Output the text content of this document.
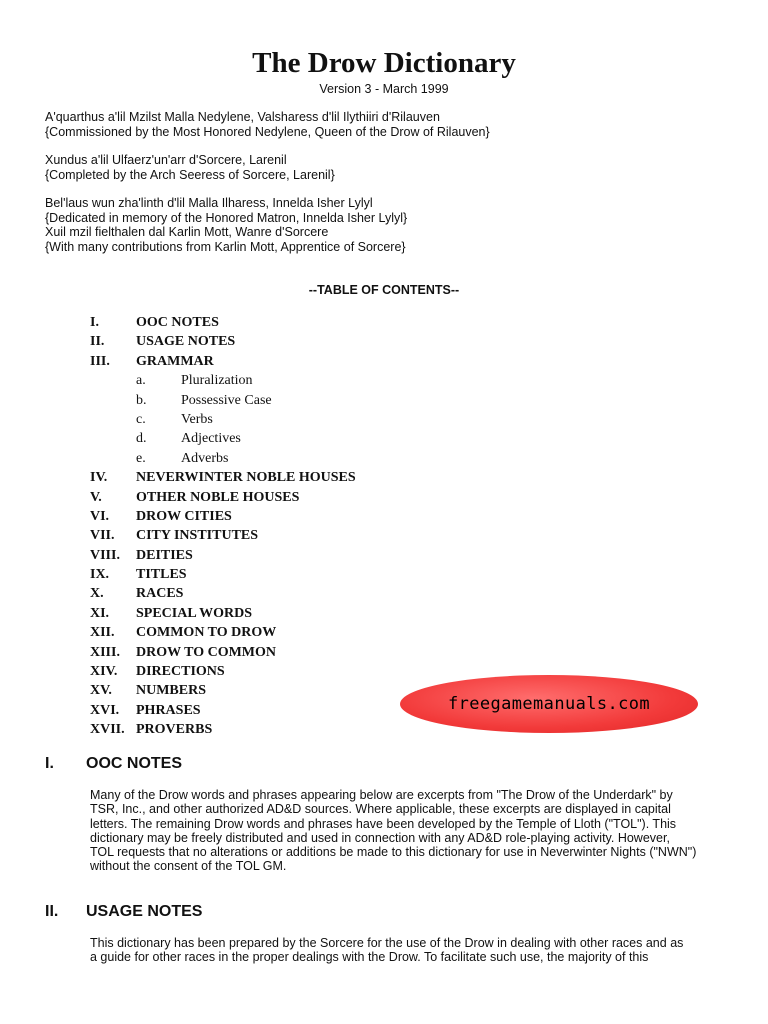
The Drow Dictionary
Version 3 - March 1999
A'quarthus a'lil Mzilst Malla Nedylene, Valsharess d'lil Ilythiiri d'Rilauven
{Commissioned by the Most Honored Nedylene, Queen of the Drow of Rilauven}
Xundus a'lil Ulfaerz'un'arr d'Sorcere, Larenil
{Completed by the Arch Seeress of Sorcere, Larenil}
Bel'laus wun zha'linth d'lil Malla Ilharess, Innelda Isher Lylyl
{Dedicated in memory of the Honored Matron, Innelda Isher Lylyl}
Xuil mzil fielthalen dal Karlin Mott, Wanre d'Sorcere
{With many contributions from Karlin Mott, Apprentice of Sorcere}
--TABLE OF CONTENTS--
I.	OOC NOTES
II. USAGE NOTES
III. GRAMMAR
a.	Pluralization
b. Possessive Case
c.	Verbs
d. Adjectives
e.	Adverbs
IV. NEVERWINTER NOBLE HOUSES
V. OTHER NOBLE HOUSES
VI. DROW CITIES
VII. CITY INSTITUTES
VIII. DEITIES
IX. TITLES
X. RACES
XI. SPECIAL WORDS
XII. COMMON TO DROW
XIII. DROW TO COMMON
XIV. DIRECTIONS
XV. NUMBERS
XVI. PHRASES
XVII. PROVERBS
freegamemanuals.com
I. OOC NOTES
Many of the Drow words and phrases appearing below are excerpts from "The Drow of the Underdark" by
TSR, Inc., and other authorized AD&D sources. Where applicable, these excerpts are displayed in capital
letters. The remaining Drow words and phrases have been developed by the Temple of Lloth ("TOL"). This
dictionary may be freely distributed and used in connection with any AD&D role-playing activity. However,
TOL requests that no alterations or additions be made to this dictionary for use in Neverwinter Nights ("NWN")
without the consent of the TOL GM.
II. USAGE NOTES
This dictionary has been prepared by the Sorcere for the use of the Drow in dealing with other races and as
a guide for other races in the proper dealings with the Drow. To facilitate such use, the majority of this
